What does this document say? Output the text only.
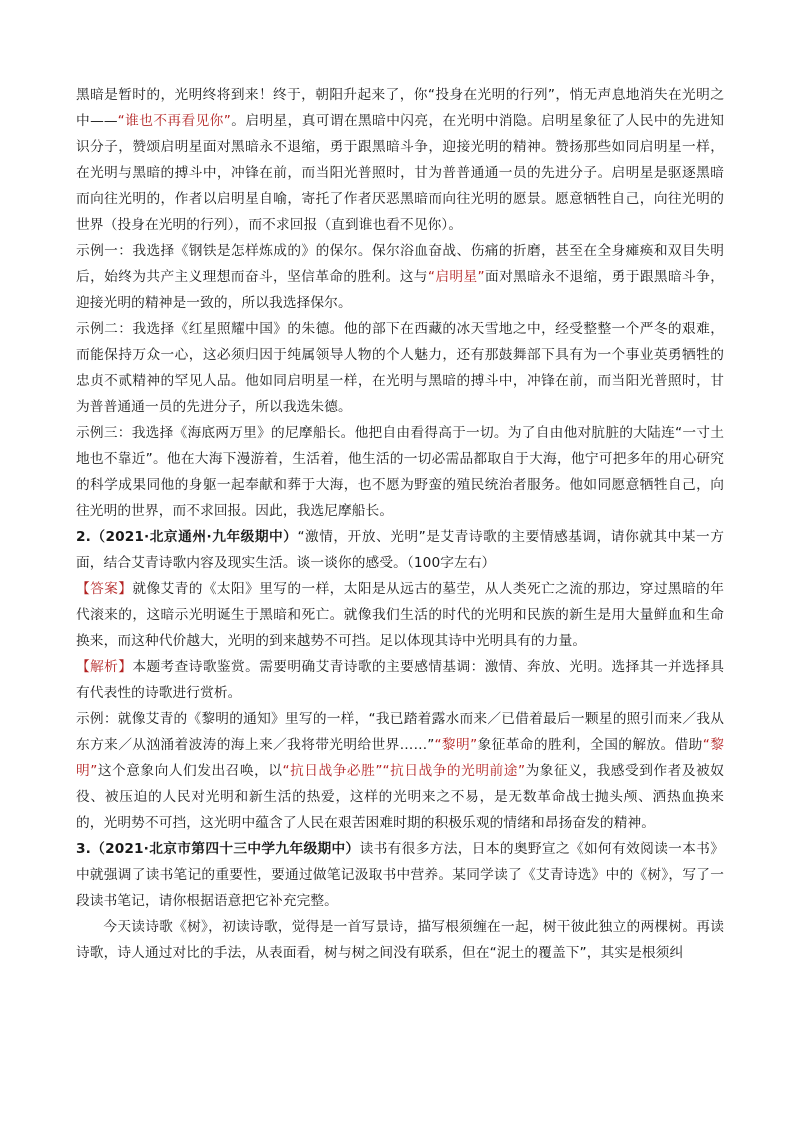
黑暗是暂时的，光明终将到来！终于，朝阳升起来了，你“投身在光明的行列”，悄无声息地消失在光明之中——“谁也不再看见你”。启明星，真可谓在黑暗中闪亮，在光明中消隐。启明星象征了人民中的先进知识分子，赞颂启明星面对黑暗永不退缩，勇于跟黑暗斗争，迎接光明的精神。赞扬那些如同启明星一样，在光明与黑暗的搏斗中，冲锋在前，而当阳光普照时，甘为普普通通一员的先进分子。启明星是驱逐黑暗而向往光明的，作者以启明星自喻，寄托了作者厌恶黑暗而向往光明的愿景。愿意牺牲自己，向往光明的世界（投身在光明的行列），而不求回报（直到谁也看不见你）。

示例一：我选择《钢铁是怎样炼成的》的保尔。保尔浴血奋战、伤痛的折磨，甚至在全身瘫痪和双目失明后，始终为共产主义理想而奋斗，坚信革命的胜利。这与“启明星”面对黑暗永不退缩，勇于跟黑暗斗争，迎接光明的精神是一致的，所以我选择保尔。

示例二：我选择《红星照耀中国》的朱德。他的部下在西藏的冰天雪地之中，经受整整一个严冬的艰难，而能保持万众一心，这必须归因于纯属领导人物的个人魅力，还有那鼓舞部下具有为一个事业英勇牺牲的忠贞不贰精神的罕见人品。他如同启明星一样，在光明与黑暗的搏斗中，冲锋在前，而当阳光普照时，甘为普普通通一员的先进分子，所以我选朱德。

示例三：我选择《海底两万里》的尼摩船长。他把自由看得高于一切。为了自由他对肮脏的大陆连“一寸土地也不靠近”。他在大海下漫游着，生活着，他生活的一切必需品都取自于大海，他宁可把多年的用心研究的科学成果同他的身躯一起奉献和葬于大海，也不愿为野蛮的殖民统治者服务。他如同愿意牺牲自己，向往光明的世界，而不求回报。因此，我选尼摩船长。

2.（2021·北京通州·九年级期中）“激情，开放、光明”是艾青诗歌的主要情感基调，请你就其中某一方面，结合艾青诗歌内容及现实生活。谈一谈你的感受。（100字左右）

【答案】就像艾青的《太阳》里写的一样，太阳是从远古的墓茔，从人类死亡之流的那边，穿过黑暗的年代滚来的，这暗示光明诞生于黑暗和死亡。就像我们生活的时代的光明和民族的新生是用大量鲜血和生命换来，而这种代价越大，光明的到来越势不可挡。足以体现其诗中光明具有的力量。

【解析】本题考查诗歌鉴赏。需要明确艾青诗歌的主要感情基调：激情、奔放、光明。选择其一并选择具有代表性的诗歌进行赏析。

示例：就像艾青的《黎明的通知》里写的一样，“我已踏着露水而来／已借着最后一颗星的照引而来／我从东方来／从汹涌着波涛的海上来／我将带光明给世界……”“黎明”象征革命的胜利，全国的解放。借助“黎明”这个意象向人们发出召唤，以“抗日战争必胜”“抗日战争的光明前途”为象征义，我感受到作者及被奴役、被压迫的人民对光明和新生活的热爱，这样的光明来之不易，是无数革命战士抛头颅、洒热血换来的，光明势不可挡，这光明中蕴含了人民在艰苦困难时期的积极乐观的情绪和昂扬奋发的精神。

3.（2021·北京市第四十三中学九年级期中）读书有很多方法，日本的奥野宣之《如何有效阅读一本书》中就强调了读书笔记的重要性，要通过做笔记汲取书中营养。某同学读了《艾青诗选》中的《树》，写了一段读书笔记，请你根据语意把它补充完整。

今天读诗歌《树》，初读诗歌，觉得是一首写景诗，描写根须缠在一起，树干彼此独立的两棵树。再读诗歌，诗人通过对比的手法，从表面看，树与树之间没有联系，但在“泥土的覆盖下”，其实是根须纠
